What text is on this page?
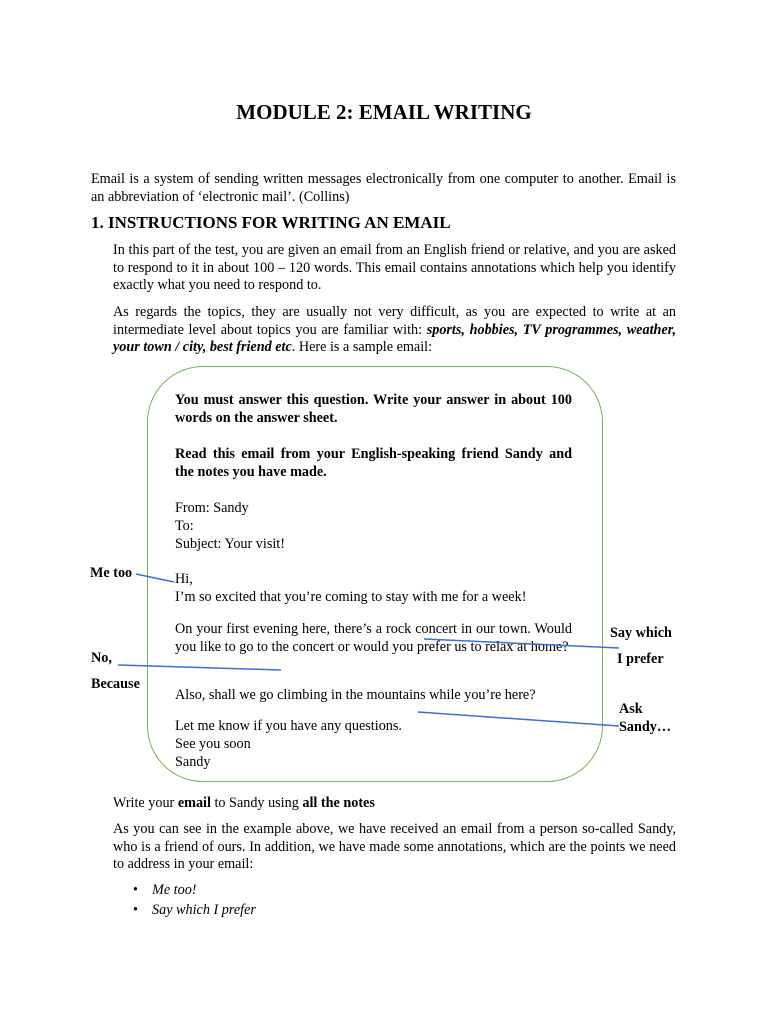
MODULE 2: EMAIL WRITING
Email is a system of sending written messages electronically from one computer to another. Email is an abbreviation of ‘electronic mail’. (Collins)
1. INSTRUCTIONS FOR WRITING AN EMAIL
In this part of the test, you are given an email from an English friend or relative, and you are asked to respond to it in about 100 – 120 words. This email contains annotations which help you identify exactly what you need to respond to.
As regards the topics, they are usually not very difficult, as you are expected to write at an intermediate level about topics you are familiar with: sports, hobbies, TV programmes, weather, your town / city, best friend etc. Here is a sample email:
You must answer this question. Write your answer in about 100 words on the answer sheet.
Read this email from your English-speaking friend Sandy and the notes you have made.
From: Sandy
To:
Subject: Your visit!
Hi,
I’m so excited that you’re coming to stay with me for a week!
On your first evening here, there’s a rock concert in our town. Would you like to go to the concert or would you prefer us to relax at home?
Also, shall we go climbing in the mountains while you’re here?
Let me know if you have any questions.
See you soon
Sandy
Me too
No,
Because
Say which
I prefer
Ask
Sandy…
Write your email to Sandy using all the notes
As you can see in the example above, we have received an email from a person so-called Sandy, who is a friend of ours. In addition, we have made some annotations, which are the points we need to address in your email:
• Me too!
• Say which I prefer
